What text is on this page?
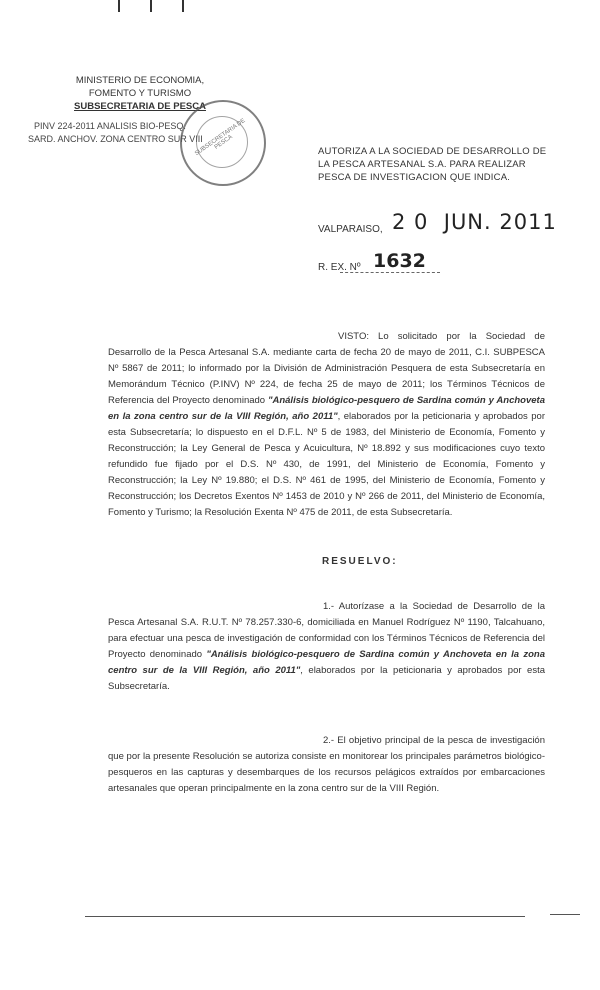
MINISTERIO DE ECONOMIA,
FOMENTO Y TURISMO
SUBSECRETARIA DE PESCA
PINV 224-2011 ANALISIS BIO-PESQ.
SARD. ANCHOV. ZONA CENTRO SUR VIII
SUBSECRETARIA DE PESCA
AUTORIZA A LA SOCIEDAD DE DESARROLLO DE LA PESCA ARTESANAL S.A. PARA REALIZAR PESCA DE INVESTIGACION QUE INDICA.
VALPARAISO, 2 0  JUN. 2011
R. EX. Nº 1632

VISTO: Lo solicitado por la Sociedad de Desarrollo de la Pesca Artesanal S.A. mediante carta de fecha 20 de mayo de 2011, C.I. SUBPESCA Nº 5867 de 2011; lo informado por la División de Administración Pesquera de esta Subsecretaría en Memorándum Técnico (P.INV) Nº 224, de fecha 25 de mayo de 2011; los Términos Técnicos de Referencia del Proyecto denominado "Análisis biológico-pesquero de Sardina común y Anchoveta en la zona centro sur de la VIII Región, año 2011", elaborados por la peticionaria y aprobados por esta Subsecretaría; lo dispuesto en el D.F.L. Nº 5 de 1983, del Ministerio de Economía, Fomento y Reconstrucción; la Ley General de Pesca y Acuicultura, Nº 18.892 y sus modificaciones cuyo texto refundido fue fijado por el D.S. Nº 430, de 1991, del Ministerio de Economía, Fomento y Reconstrucción; la Ley Nº 19.880; el D.S. Nº 461 de 1995, del Ministerio de Economía, Fomento y Reconstrucción; los Decretos Exentos Nº 1453 de 2010 y Nº 266 de 2011, del Ministerio de Economía, Fomento y Turismo; la Resolución Exenta Nº 475 de 2011, de esta Subsecretaría.

RESUELVO:

1.- Autorízase a la Sociedad de Desarrollo de la Pesca Artesanal S.A. R.U.T. Nº 78.257.330-6, domiciliada en Manuel Rodríguez Nº 1190, Talcahuano, para efectuar una pesca de investigación de conformidad con los Términos Técnicos de Referencia del Proyecto denominado "Análisis biológico-pesquero de Sardina común y Anchoveta en la zona centro sur de la VIII Región, año 2011", elaborados por la peticionaria y aprobados por esta Subsecretaría.

2.- El objetivo principal de la pesca de investigación que por la presente Resolución se autoriza consiste en monitorear los principales parámetros biológico-pesqueros en las capturas y desembarques de los recursos pelágicos extraídos por embarcaciones artesanales que operan principalmente en la zona centro sur de la VIII Región.
